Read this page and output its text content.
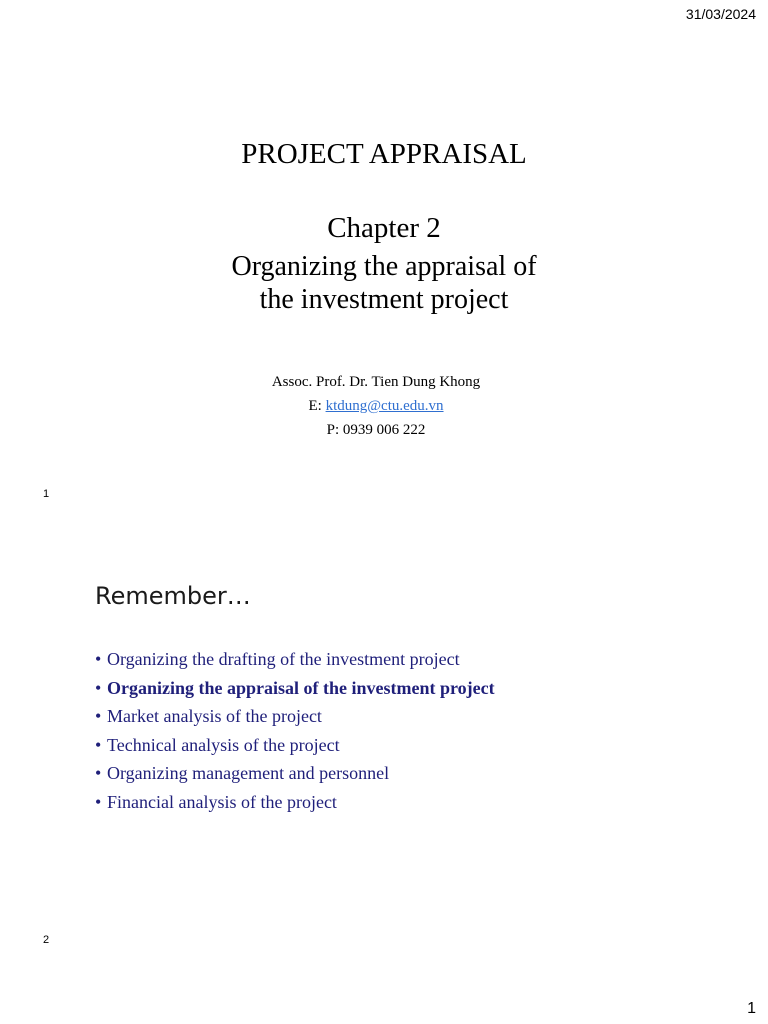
31/03/2024
PROJECT APPRAISAL
Chapter 2
Organizing the appraisal of
the investment project
Assoc. Prof. Dr. Tien Dung Khong
E: ktdung@ctu.edu.vn
P: 0939 006 222
1
Remember…
• Organizing the drafting of the investment project
• Organizing the appraisal of the investment project
• Market analysis of the project
• Technical analysis of the project
• Organizing management and personnel
• Financial analysis of the project
2
1
